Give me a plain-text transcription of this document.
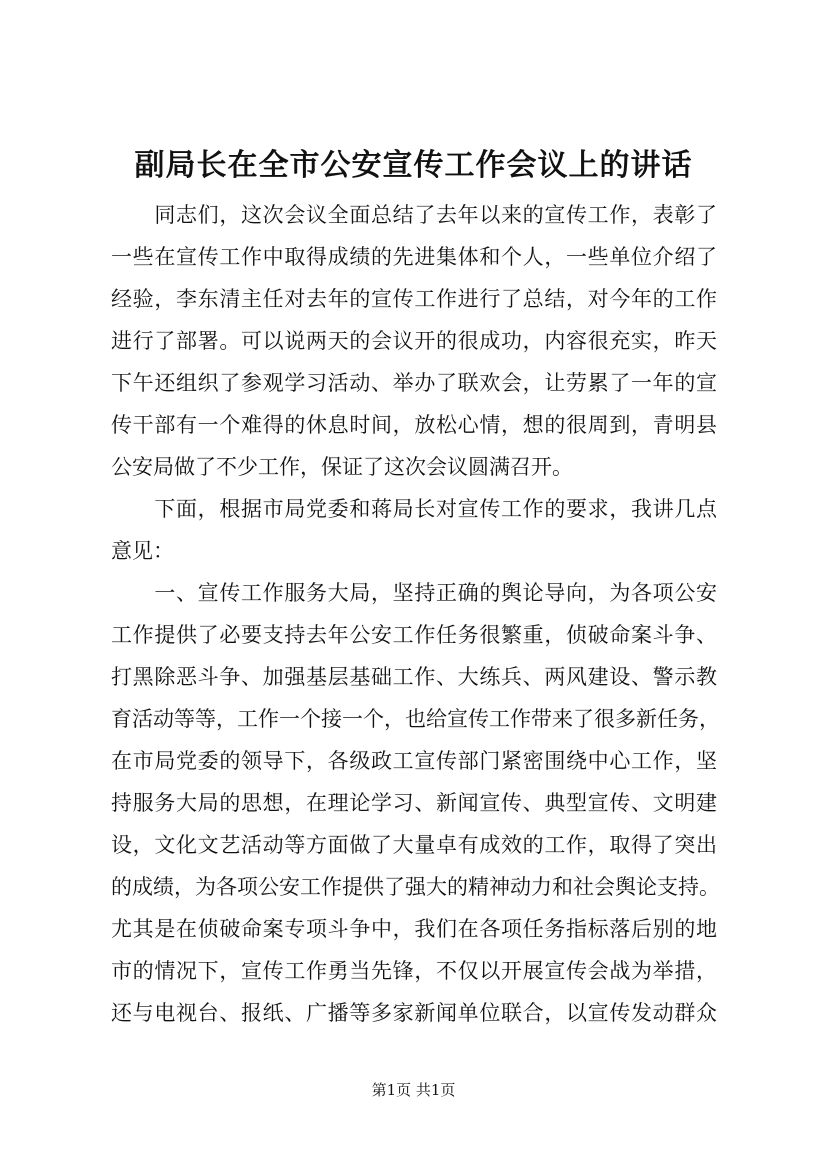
副局长在全市公安宣传工作会议上的讲话
　　同志们，这次会议全面总结了去年以来的宣传工作，表彰了
一些在宣传工作中取得成绩的先进集体和个人，一些单位介绍了
经验，李东清主任对去年的宣传工作进行了总结，对今年的工作
进行了部署。可以说两天的会议开的很成功，内容很充实，昨天
下午还组织了参观学习活动、举办了联欢会，让劳累了一年的宣
传干部有一个难得的休息时间，放松心情，想的很周到，青明县
公安局做了不少工作，保证了这次会议圆满召开。
　　下面，根据市局党委和蒋局长对宣传工作的要求，我讲几点
意见：
　　一、宣传工作服务大局，坚持正确的舆论导向，为各项公安
工作提供了必要支持去年公安工作任务很繁重，侦破命案斗争、
打黑除恶斗争、加强基层基础工作、大练兵、两风建设、警示教
育活动等等，工作一个接一个，也给宣传工作带来了很多新任务，
在市局党委的领导下，各级政工宣传部门紧密围绕中心工作，坚
持服务大局的思想，在理论学习、新闻宣传、典型宣传、文明建
设，文化文艺活动等方面做了大量卓有成效的工作，取得了突出
的成绩，为各项公安工作提供了强大的精神动力和社会舆论支持。
尤其是在侦破命案专项斗争中，我们在各项任务指标落后别的地
市的情况下，宣传工作勇当先锋，不仅以开展宣传会战为举措，
还与电视台、报纸、广播等多家新闻单位联合，以宣传发动群众
第1页 共1页
